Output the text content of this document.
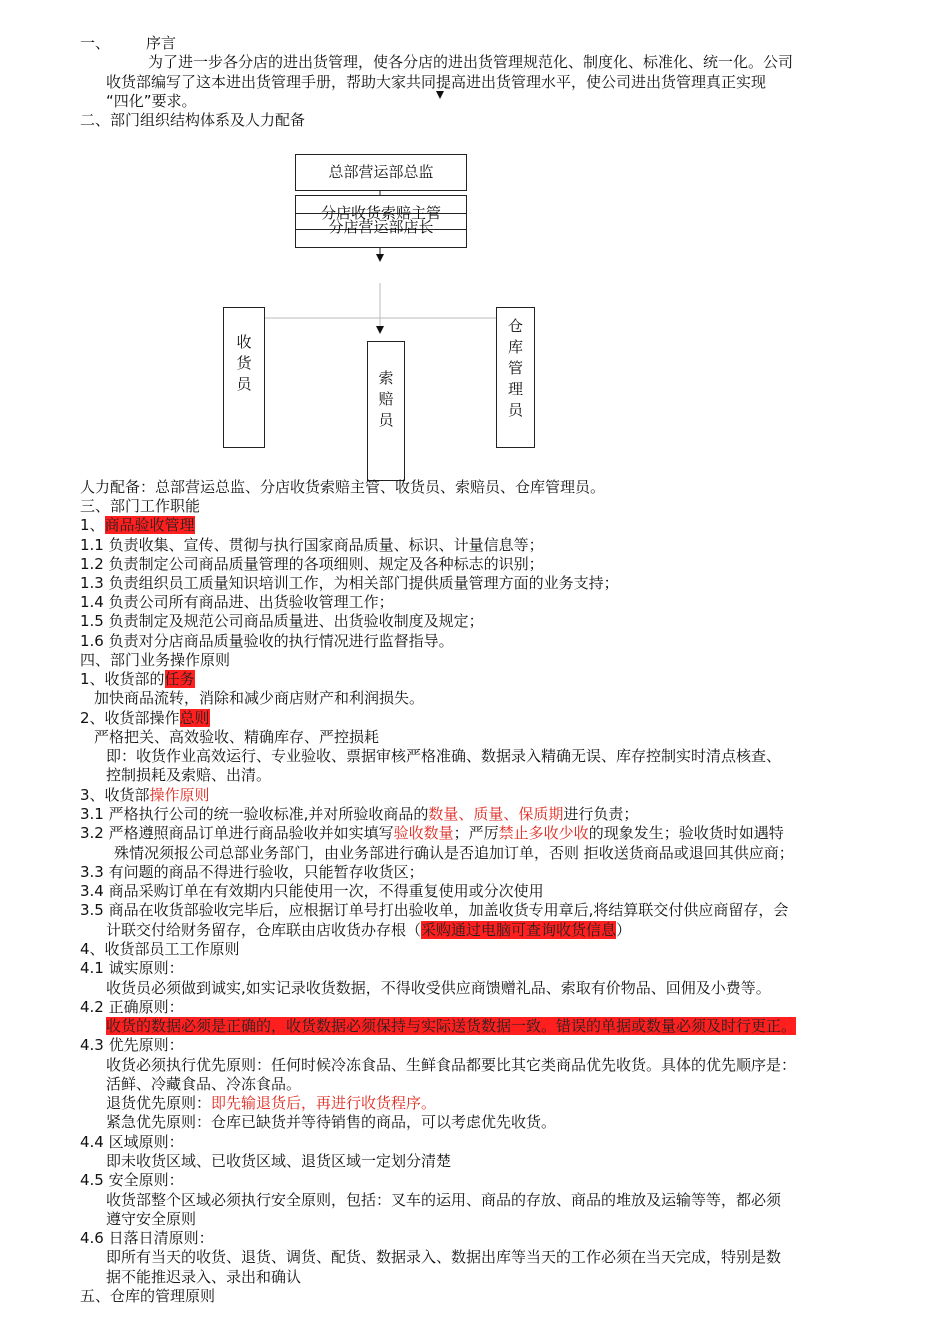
一、 序言
为了进一步各分店的进出货管理，使各分店的进出货管理规范化、制度化、标准化、统一化。公司
收货部编写了这本进出货管理手册，帮助大家共同提高进出货管理水平，使公司进出货管理真正实现
“四化”要求。
二、部门组织结构体系及人力配备
总部营运部总监
分店收货索赔主管
分店营运部店长
收货员	索赔员
仓库管理员
人力配备：总部营运总监、分店收货索赔主管、收货员、索赔员、仓库管理员。
三、部门工作职能
1、商品验收管理
1.1 负责收集、宣传、贯彻与执行国家商品质量、标识、计量信息等；
1.2 负责制定公司商品质量管理的各项细则、规定及各种标志的识别；
1.3 负责组织员工质量知识培训工作，为相关部门提供质量管理方面的业务支持；
1.4 负责公司所有商品进、出货验收管理工作；
1.5 负责制定及规范公司商品质量进、出货验收制度及规定；
1.6 负责对分店商品质量验收的执行情况进行监督指导。
四、部门业务操作原则
1、收货部的任务
加快商品流转，消除和减少商店财产和利润损失。
2、收货部操作总则
严格把关、高效验收、精确库存、严控损耗
即：收货作业高效运行、专业验收、票据审核严格准确、数据录入精确无误、库存控制实时清点核查、
控制损耗及索赔、出清。
3、收货部操作原则
3.1 严格执行公司的统一验收标准,并对所验收商品的数量、质量、保质期进行负责；
3.2 严格遵照商品订单进行商品验收并如实填写验收数量；严厉禁止多收少收的现象发生；验收货时如遇特
殊情况须报公司总部业务部门，由业务部进行确认是否追加订单，否则 拒收送货商品或退回其供应商；
3.3 有问题的商品不得进行验收，只能暂存收货区；
3.4 商品采购订单在有效期内只能使用一次，不得重复使用或分次使用
3.5 商品在收货部验收完毕后，应根据订单号打出验收单，加盖收货专用章后,将结算联交付供应商留存，会
计联交付给财务留存，仓库联由店收货办存根（采购通过电脑可查询收货信息）
4、收货部员工工作原则
4.1 诚实原则：
收货员必须做到诚实,如实记录收货数据，不得收受供应商馈赠礼品、索取有价物品、回佣及小费等。
4.2 正确原则：
收货的数据必须是正确的，收货数据必须保持与实际送货数据一致。错误的单据或数量必须及时行更正。
4.3 优先原则：
收货必须执行优先原则：任何时候冷冻食品、生鲜食品都要比其它类商品优先收货。具体的优先顺序是：
活鲜、冷藏食品、冷冻食品。
退货优先原则：即先输退货后，再进行收货程序。
紧急优先原则：仓库已缺货并等待销售的商品，可以考虑优先收货。
4.4 区域原则：
即未收货区域、已收货区域、退货区域一定划分清楚
4.5 安全原则：
收货部整个区域必须执行安全原则，包括：叉车的运用、商品的存放、商品的堆放及运输等等，都必须
遵守安全原则
4.6 日落日清原则：
即所有当天的收货、退货、调货、配货、数据录入、数据出库等当天的工作必须在当天完成，特别是数
据不能推迟录入、录出和确认
五、仓库的管理原则
